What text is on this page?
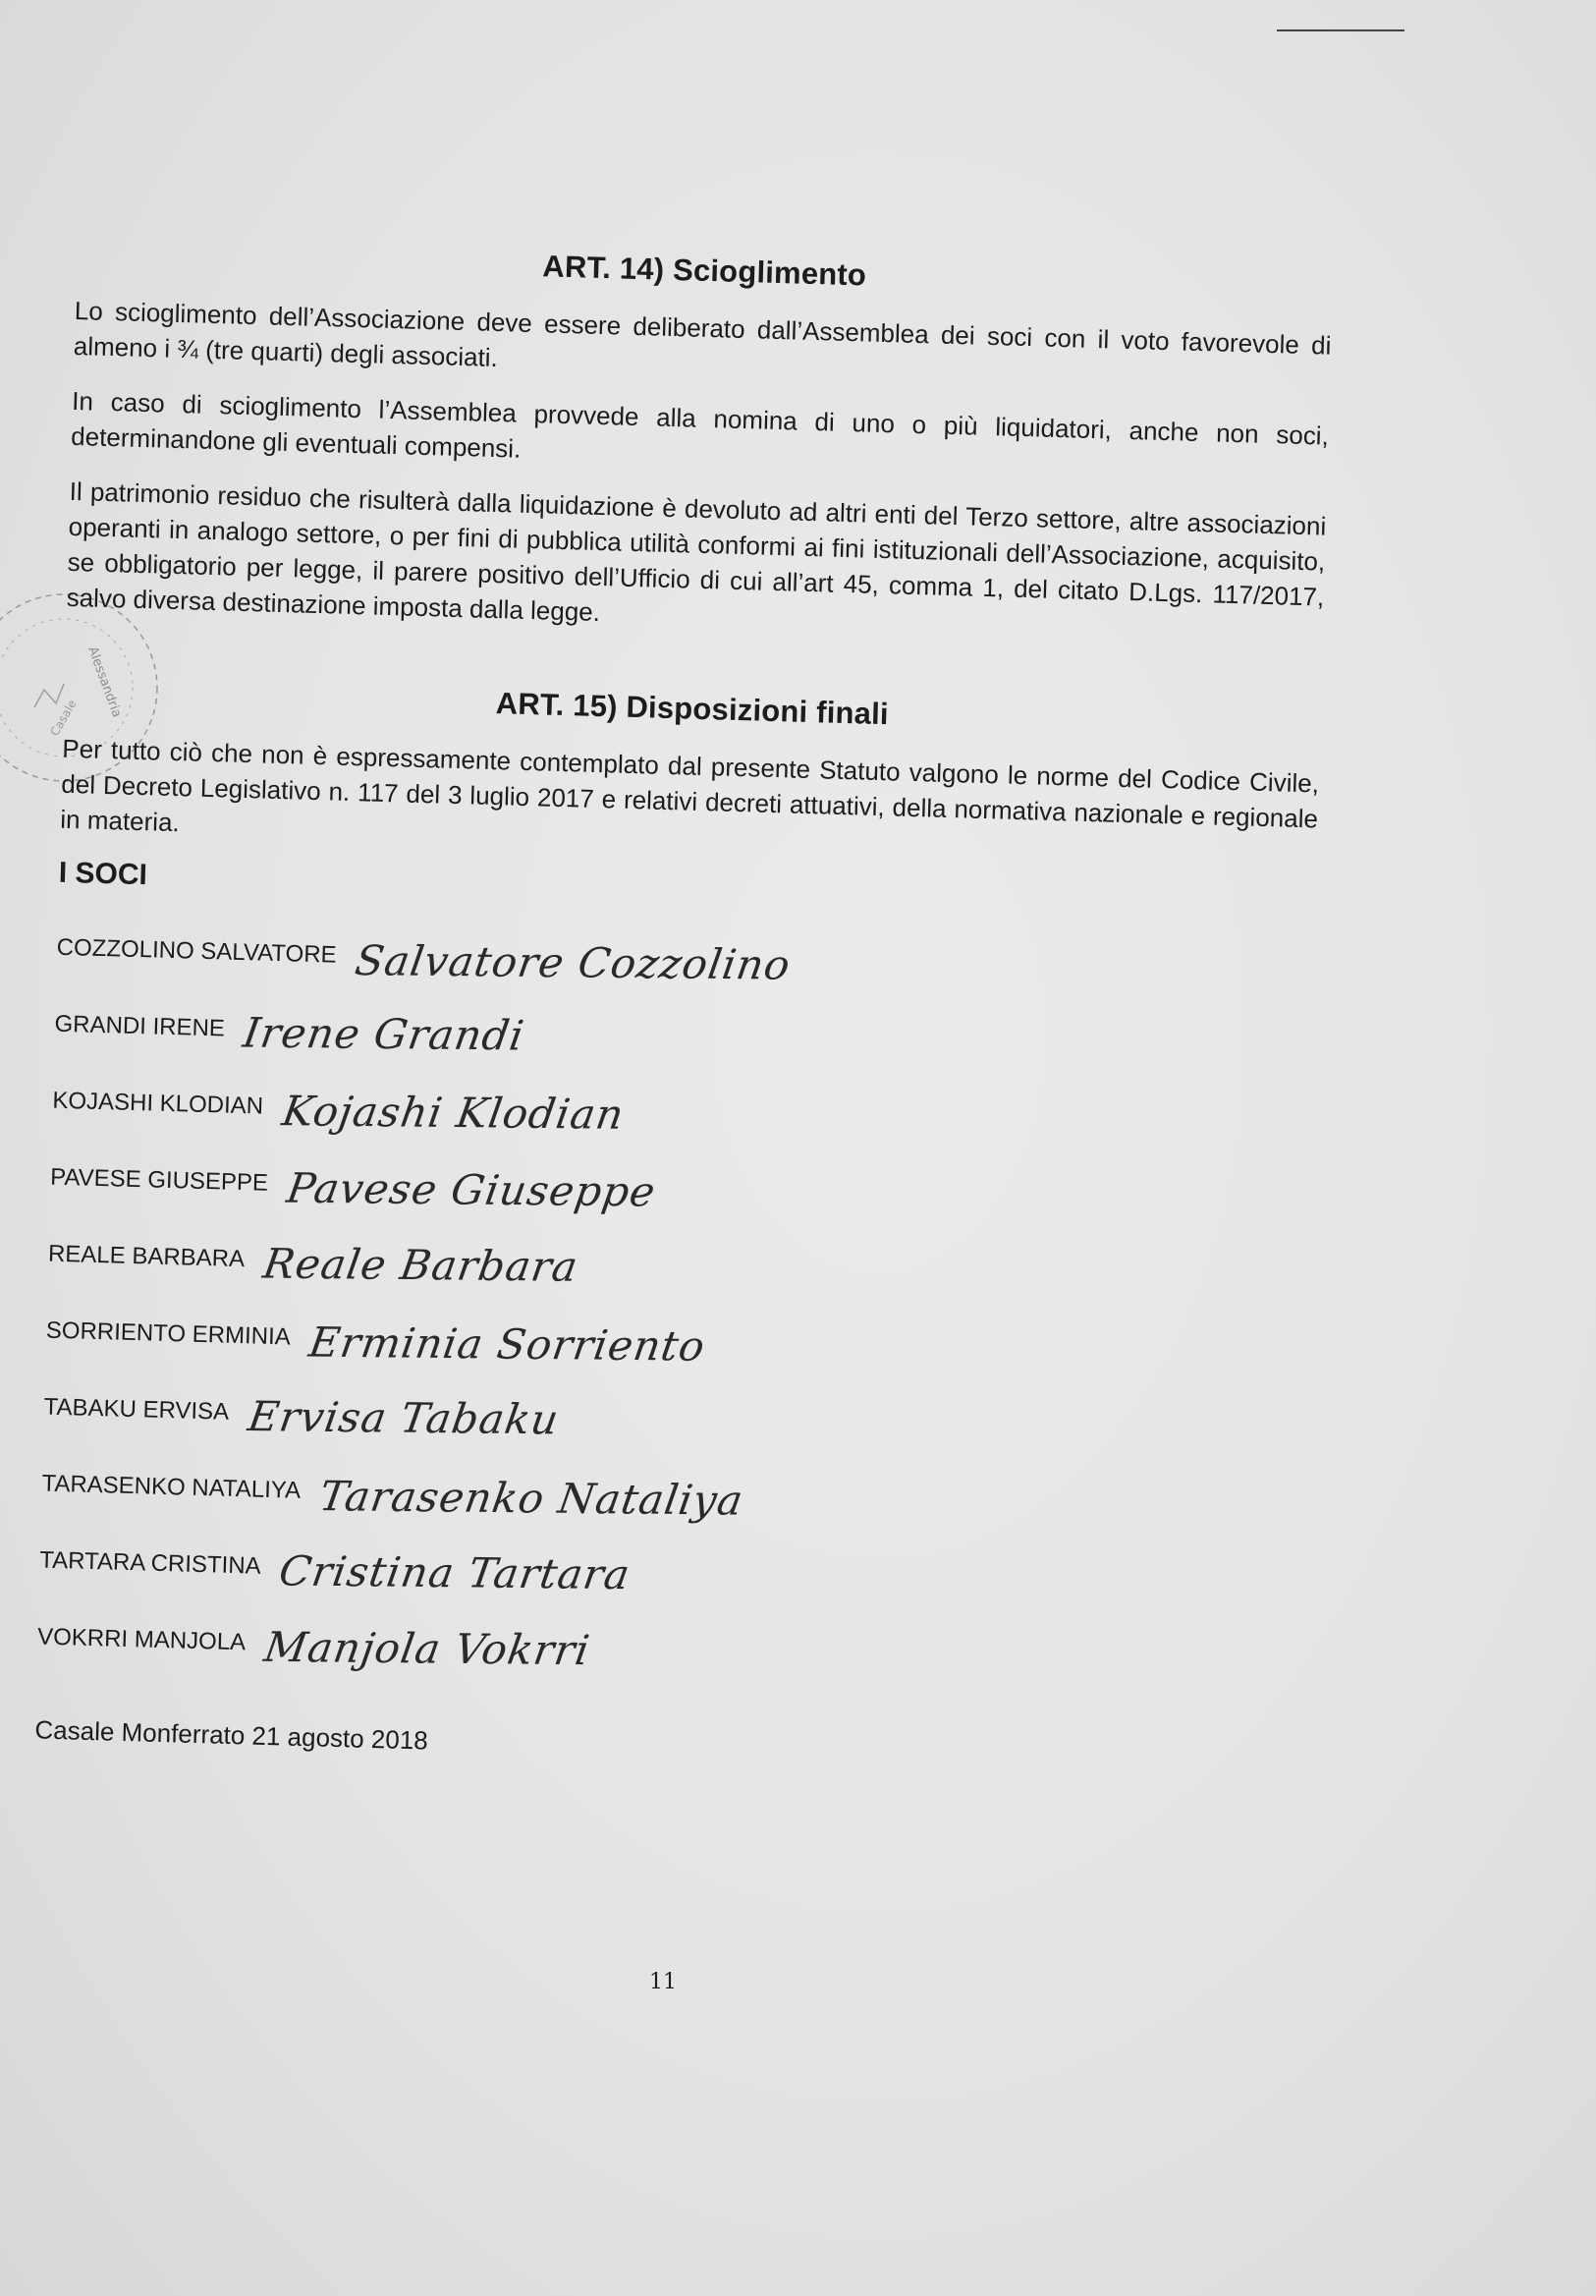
Alessandria
Casale
ART. 14) Scioglimento

Lo scioglimento dell’Associazione deve essere deliberato dall’Assemblea dei soci con il voto favorevole di almeno i ¾ (tre quarti) degli associati.

In caso di scioglimento l’Assemblea provvede alla nomina di uno o più liquidatori, anche non soci, determinandone gli eventuali compensi.

Il patrimonio residuo che risulterà dalla liquidazione è devoluto ad altri enti del Terzo settore, altre associazioni operanti in analogo settore, o per fini di pubblica utilità conformi ai fini istituzionali dell’Associazione, acquisito, se obbligatorio per legge, il parere positivo dell’Ufficio di cui all’art 45, comma 1, del citato D.Lgs. 117/2017, salvo diversa destinazione imposta dalla legge.

ART. 15) Disposizioni finali

Per tutto ciò che non è espressamente contemplato dal presente Statuto valgono le norme del Codice Civile, del Decreto Legislativo n. 117 del 3 luglio 2017 e relativi decreti attuativi, della normativa nazionale e regionale in materia.

I SOCI
COZZOLINO SALVATORE Salvatore Cozzolino
GRANDI IRENE Irene Grandi
KOJASHI KLODIAN Kojashi Klodian
PAVESE GIUSEPPE Pavese Giuseppe
REALE BARBARA Reale Barbara
SORRIENTO ERMINIA Erminia Sorriento
TABAKU ERVISA Ervisa Tabaku
TARASENKO NATALIYA Tarasenko Nataliya
TARTARA CRISTINA Cristina Tartara
VOKRRI MANJOLA Manjola Vokrri
Casale Monferrato 21 agosto 2018
11
